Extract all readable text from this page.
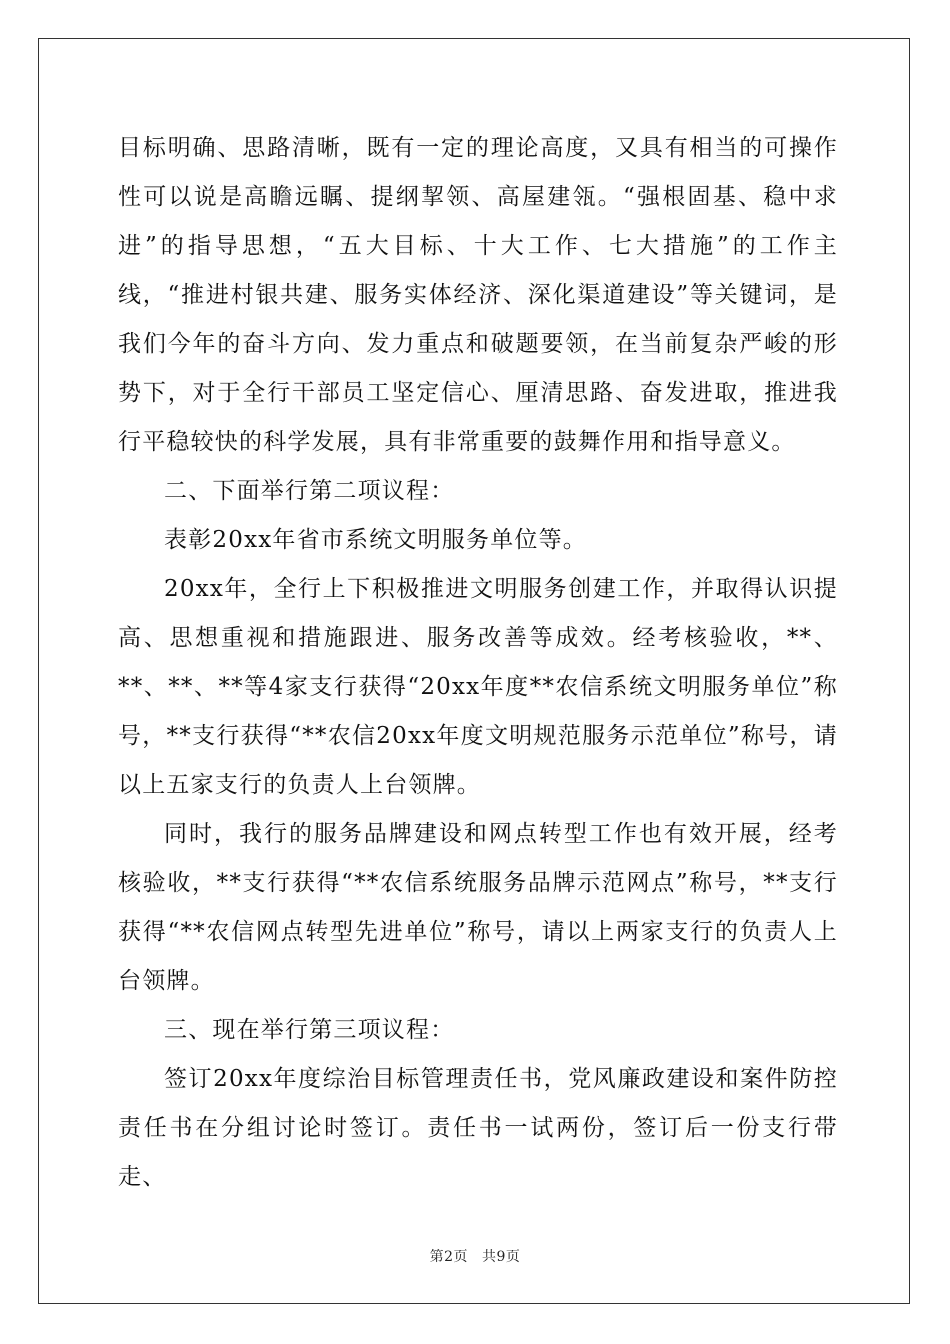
目标明确、思路清晰，既有一定的理论高度，又具有相当的可操作性可以说是高瞻远瞩、提纲挈领、高屋建瓴。“强根固基、稳中求进”的指导思想，“五大目标、十大工作、七大措施”的工作主线，“推进村银共建、服务实体经济、深化渠道建设”等关键词，是我们今年的奋斗方向、发力重点和破题要领，在当前复杂严峻的形势下，对于全行干部员工坚定信心、厘清思路、奋发进取，推进我行平稳较快的科学发展，具有非常重要的鼓舞作用和指导意义。

二、下面举行第二项议程：

表彰20xx年省市系统文明服务单位等。

20xx年，全行上下积极推进文明服务创建工作，并取得认识提高、思想重视和措施跟进、服务改善等成效。经考核验收，**、**、**、**等4家支行获得“20xx年度**农信系统文明服务单位”称号，**支行获得“**农信20xx年度文明规范服务示范单位”称号，请以上五家支行的负责人上台领牌。

同时，我行的服务品牌建设和网点转型工作也有效开展，经考核验收，**支行获得“**农信系统服务品牌示范网点”称号，**支行获得“**农信网点转型先进单位”称号，请以上两家支行的负责人上台领牌。

三、现在举行第三项议程：

签订20xx年度综治目标管理责任书，党风廉政建设和案件防控责任书在分组讨论时签订。责任书一试两份，签订后一份支行带走、

第2页 共9页
